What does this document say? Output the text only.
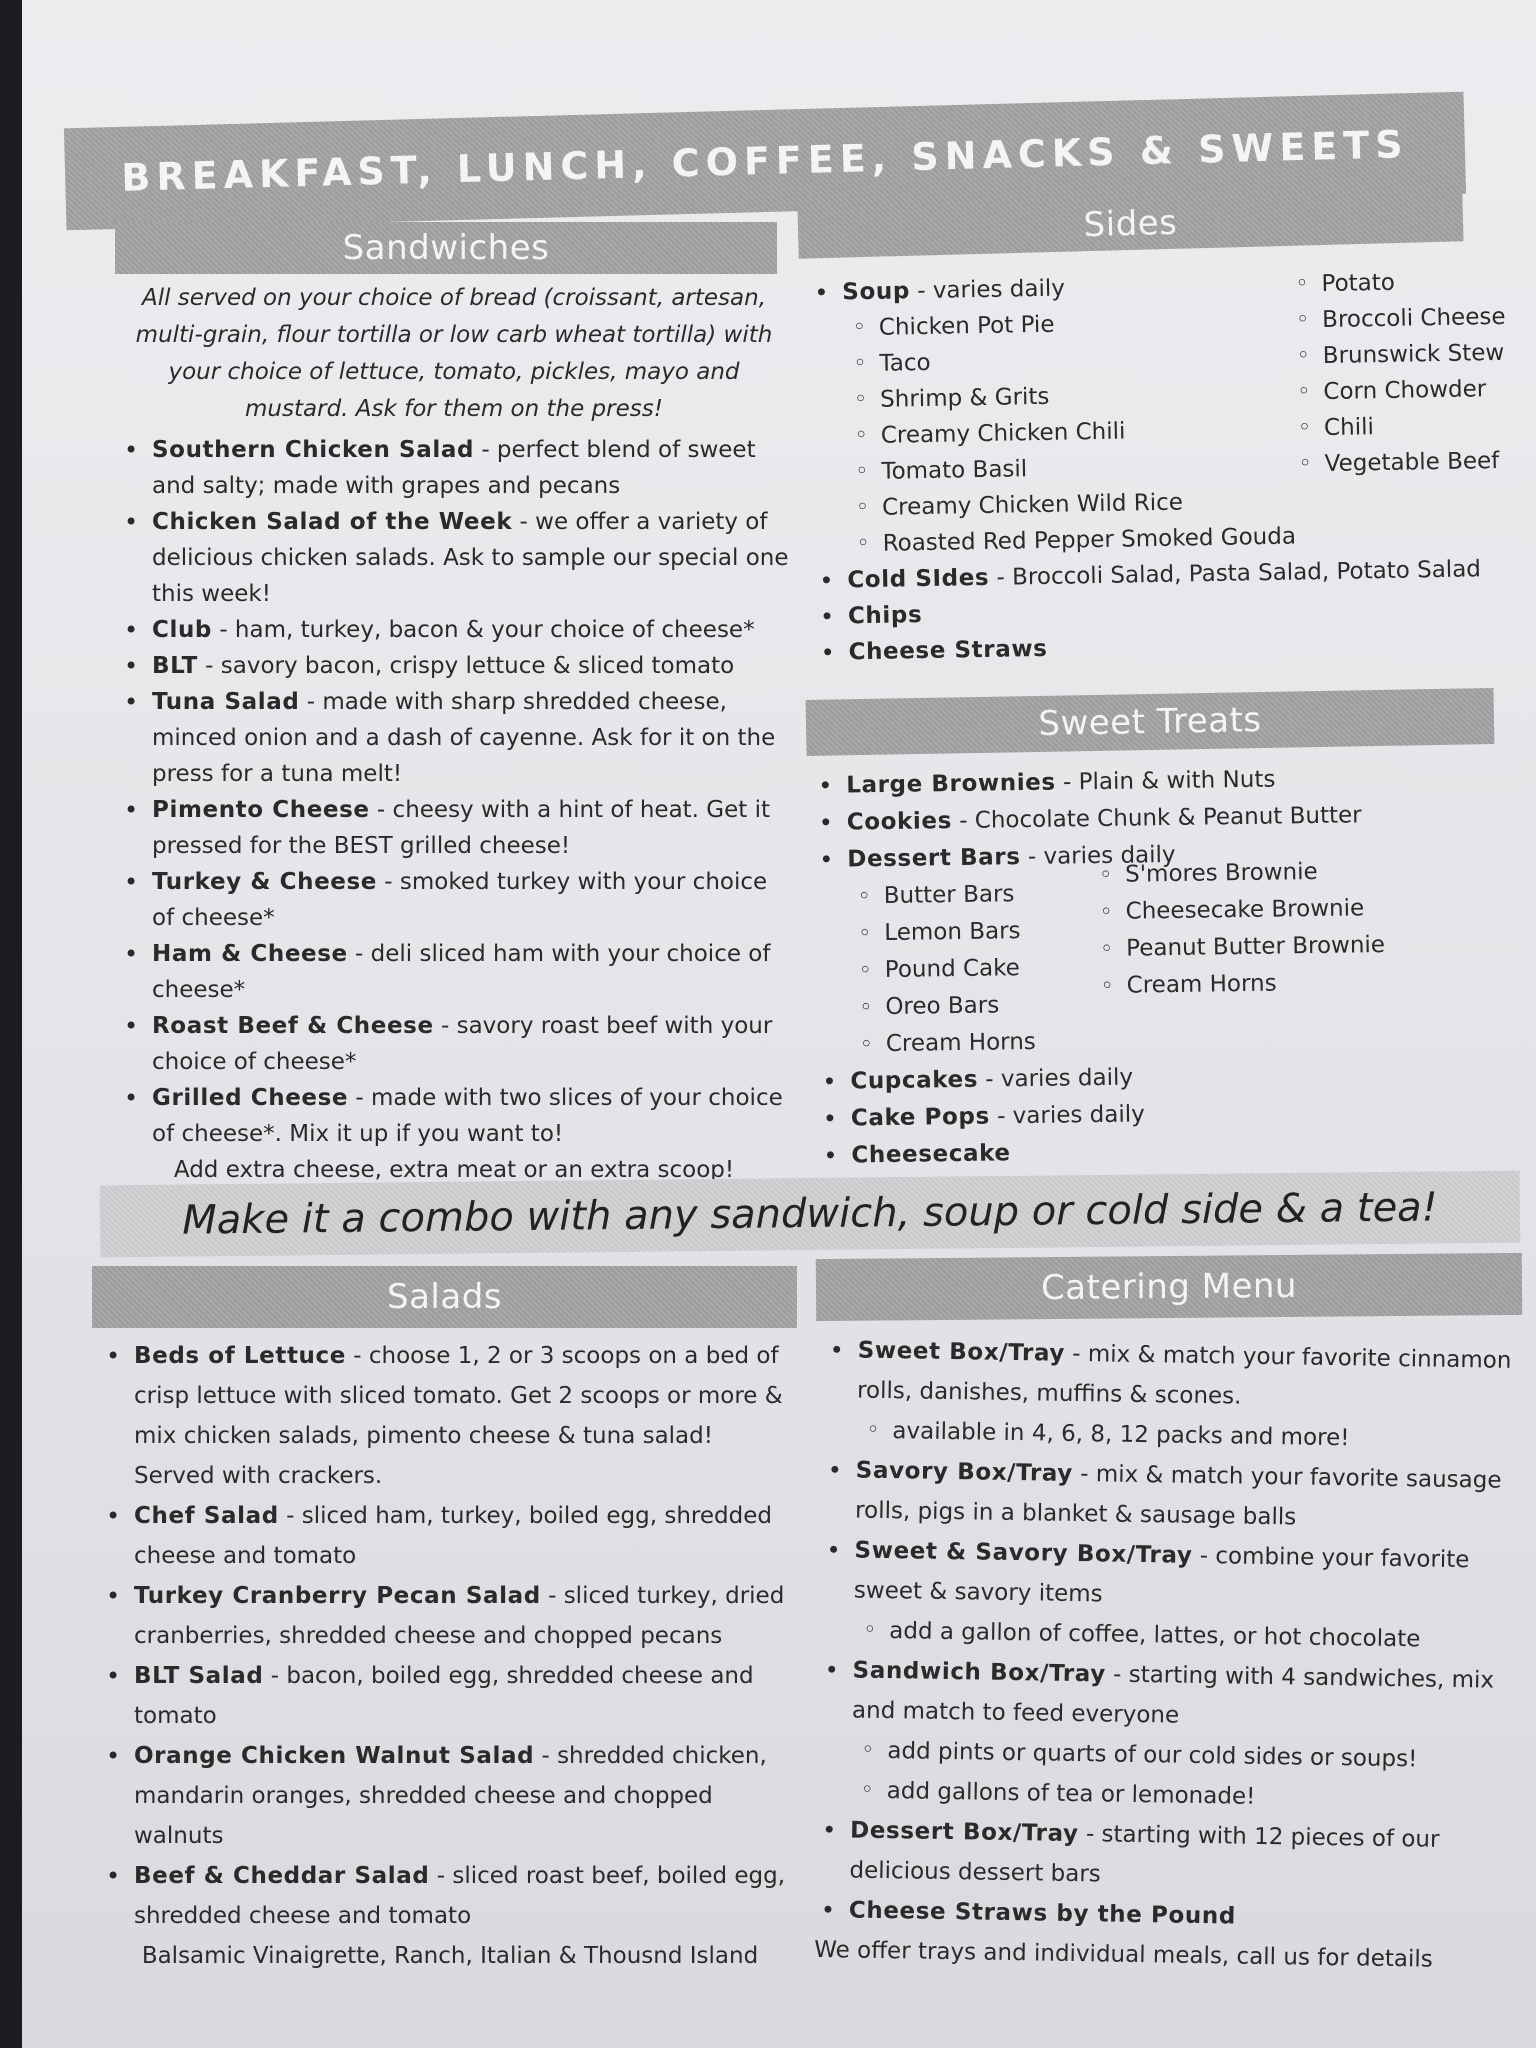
BREAKFAST, LUNCH, COFFEE, SNACKS & SWEETS
Sandwiches

All served on your choice of bread (croissant, artesan, multi-grain, flour tortilla or low carb wheat tortilla) with your choice of lettuce, tomato, pickles, mayo and mustard. Ask for them on the press!

• Southern Chicken Salad - perfect blend of sweet and salty; made with grapes and pecans
• Chicken Salad of the Week - we offer a variety of delicious chicken salads. Ask to sample our special one this week!
• Club - ham, turkey, bacon & your choice of cheese*
• BLT - savory bacon, crispy lettuce & sliced tomato
• Tuna Salad - made with sharp shredded cheese, minced onion and a dash of cayenne. Ask for it on the press for a tuna melt!
• Pimento Cheese - cheesy with a hint of heat. Get it pressed for the BEST grilled cheese!
• Turkey & Cheese - smoked turkey with your choice of cheese*
• Ham & Cheese - deli sliced ham with your choice of cheese*
• Roast Beef & Cheese - savory roast beef with your choice of cheese*
• Grilled Cheese - made with two slices of your choice of cheese*. Mix it up if you want to!

Add extra cheese, extra meat or an extra scoop!

Sides
• Soup - varies daily
◦ Chicken Pot Pie
◦ Taco
◦ Shrimp & Grits
◦ Creamy Chicken Chili
◦ Tomato Basil
◦ Creamy Chicken Wild Rice
◦ Roasted Red Pepper Smoked Gouda
◦ Potato
◦ Broccoli Cheese
◦ Brunswick Stew
◦ Corn Chowder
◦ Chili
◦ Vegetable Beef
• Cold SIdes - Broccoli Salad, Pasta Salad, Potato Salad
• Chips
• Cheese Straws
Sweet Treats
• Large Brownies - Plain & with Nuts
• Cookies - Chocolate Chunk & Peanut Butter
• Dessert Bars - varies daily
◦ Butter Bars
◦ Lemon Bars
◦ Pound Cake
◦ Oreo Bars
◦ Cream Horns
◦ S'mores Brownie
◦ Cheesecake Brownie
◦ Peanut Butter Brownie
◦ Cream Horns
• Cupcakes - varies daily
• Cake Pops - varies daily
• Cheesecake
Make it a combo with any sandwich, soup or cold side & a tea!
Salads
• Beds of Lettuce - choose 1, 2 or 3 scoops on a bed of crisp lettuce with sliced tomato. Get 2 scoops or more & mix chicken salads, pimento cheese & tuna salad! Served with crackers.
• Chef Salad - sliced ham, turkey, boiled egg, shredded cheese and tomato
• Turkey Cranberry Pecan Salad - sliced turkey, dried cranberries, shredded cheese and chopped pecans
• BLT Salad - bacon, boiled egg, shredded cheese and tomato
• Orange Chicken Walnut Salad - shredded chicken, mandarin oranges, shredded cheese and chopped walnuts
• Beef & Cheddar Salad - sliced roast beef, boiled egg, shredded cheese and tomato

Balsamic Vinaigrette, Ranch, Italian & Thousnd Island

Catering Menu
• Sweet Box/Tray - mix & match your favorite cinnamon rolls, danishes, muffins & scones.
◦ available in 4, 6, 8, 12 packs and more!
• Savory Box/Tray - mix & match your favorite sausage rolls, pigs in a blanket & sausage balls
• Sweet & Savory Box/Tray - combine your favorite sweet & savory items
◦ add a gallon of coffee, lattes, or hot chocolate
• Sandwich Box/Tray - starting with 4 sandwiches, mix and match to feed everyone
◦ add pints or quarts of our cold sides or soups!
◦ add gallons of tea or lemonade!
• Dessert Box/Tray - starting with 12 pieces of our delicious dessert bars
• Cheese Straws by the Pound

We offer trays and individual meals, call us for details
